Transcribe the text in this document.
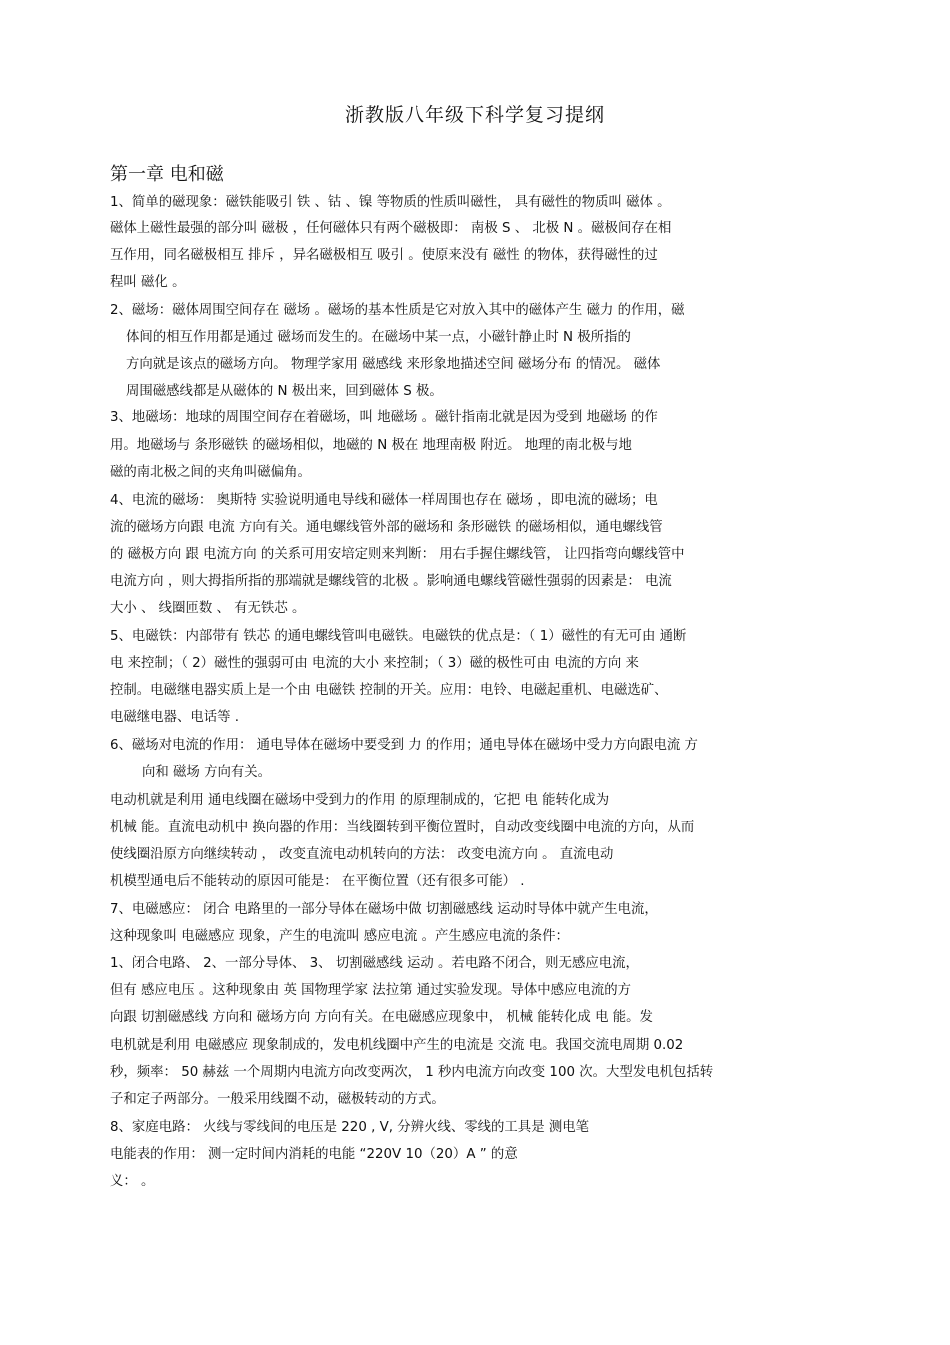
浙教版八年级下科学复习提纲
第一章 电和磁
1、简单的磁现象：磁铁能吸引 铁 、钴 、镍 等物质的性质叫磁性， 具有磁性的物质叫 磁体 。
磁体上磁性最强的部分叫 磁极 ，任何磁体只有两个磁极即： 南极 S 、 北极 N 。磁极间存在相
互作用，同名磁极相互 排斥 ，异名磁极相互 吸引 。使原来没有 磁性 的物体，获得磁性的过
程叫 磁化 。
2、磁场：磁体周围空间存在 磁场 。磁场的基本性质是它对放入其中的磁体产生 磁力 的作用，磁
体间的相互作用都是通过 磁场而发生的。在磁场中某一点，小磁针静止时 N 极所指的
方向就是该点的磁场方向。 物理学家用 磁感线 来形象地描述空间 磁场分布 的情况。 磁体
周围磁感线都是从磁体的 N 极出来，回到磁体 S 极。
3、地磁场：地球的周围空间存在着磁场，叫 地磁场 。磁针指南北就是因为受到 地磁场 的作
用。地磁场与 条形磁铁 的磁场相似，地磁的 N 极在 地理南极 附近。 地理的南北极与地
磁的南北极之间的夹角叫磁偏角。
4、电流的磁场： 奥斯特 实验说明通电导线和磁体一样周围也存在 磁场 ，即电流的磁场；电
流的磁场方向跟 电流 方向有关。通电螺线管外部的磁场和 条形磁铁 的磁场相似，通电螺线管
的 磁极方向 跟 电流方向 的关系可用安培定则来判断： 用右手握住螺线管， 让四指弯向螺线管中
电流方向 ，则大拇指所指的那端就是螺线管的北极 。影响通电螺线管磁性强弱的因素是： 电流
大小 、 线圈匝数 、 有无铁芯 。
5、电磁铁：内部带有 铁芯 的通电螺线管叫电磁铁。电磁铁的优点是：（ 1）磁性的有无可由 通断
电 来控制；（ 2）磁性的强弱可由 电流的大小 来控制；（ 3）磁的极性可由 电流的方向 来
控制。电磁继电器实质上是一个由 电磁铁 控制的开关。应用：电铃、电磁起重机、电磁选矿、
电磁继电器、电话等 .
6、磁场对电流的作用： 通电导体在磁场中要受到 力 的作用；通电导体在磁场中受力方向跟电流 方
向和 磁场 方向有关。
电动机就是利用 通电线圈在磁场中受到力的作用 的原理制成的，它把 电 能转化成为
机械 能。直流电动机中 换向器的作用：当线圈转到平衡位置时，自动改变线圈中电流的方向，从而
使线圈沿原方向继续转动 ， 改变直流电动机转向的方法： 改变电流方向 。 直流电动
机模型通电后不能转动的原因可能是： 在平衡位置（还有很多可能） .
7、电磁感应： 闭合 电路里的一部分导体在磁场中做 切割磁感线 运动时导体中就产生电流，
这种现象叫 电磁感应 现象，产生的电流叫 感应电流 。产生感应电流的条件：
1、闭合电路、 2、一部分导体、 3、 切割磁感线 运动 。若电路不闭合，则无感应电流，
但有 感应电压 。这种现象由 英 国物理学家 法拉第 通过实验发现。导体中感应电流的方
向跟 切割磁感线 方向和 磁场方向 方向有关。在电磁感应现象中， 机械 能转化成 电 能。发
电机就是利用 电磁感应 现象制成的，发电机线圈中产生的电流是 交流 电。我国交流电周期 0.02
秒，频率： 50 赫兹 一个周期内电流方向改变两次， 1 秒内电流方向改变 100 次。大型发电机包括转
子和定子两部分。一般采用线圈不动，磁极转动的方式。
8、家庭电路： 火线与零线间的电压是 220 , V, 分辨火线、零线的工具是 测电笔
电能表的作用： 测一定时间内消耗的电能 “220V 10（20）A ” 的意
义： 。
